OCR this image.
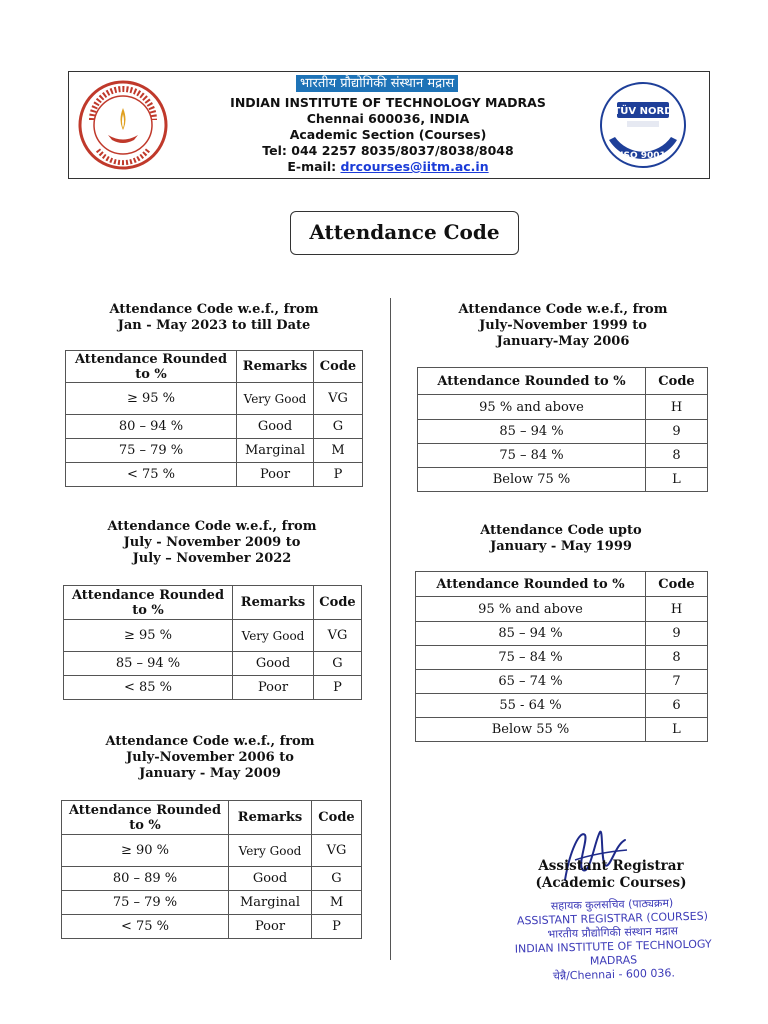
भारतीय प्रौद्योगिकी संस्थान मद्रास
INDIAN INSTITUTE OF TECHNOLOGY MADRAS
Chennai 600036, INDIA
Academic Section (Courses)
Tel: 044 2257 8035/8037/8038/8048
E-mail: drcourses@iitm.ac.in
TÜV NORD
ISO 9001
Attendance Code
Attendance Code w.e.f., from
Jan - May 2023 to till Date
Attendance Rounded to %	Remarks	Code
≥ 95 %	Very Good	VG
80 – 94 %	Good	G
75 – 79 %	Marginal	M
< 75 %	Poor	P
Attendance Code w.e.f., from
July - November 2009 to
July – November 2022
Attendance Rounded to %	Remarks	Code
≥ 95 %	Very Good	VG
85 – 94 %	Good	G
< 85 %	Poor	P
Attendance Code w.e.f., from
July-November 2006 to
January - May 2009
Attendance Rounded to %	Remarks	Code
≥ 90 %	Very Good	VG
80 – 89 %	Good	G
75 – 79 %	Marginal	M
< 75 %	Poor	P
Attendance Code w.e.f., from
July-November 1999 to
January-May 2006
Attendance Rounded to %	Code
95 % and above	H
85 – 94 %	9
75 – 84 %	8
Below 75 %	L
Attendance Code upto
January - May 1999
Attendance Rounded to %	Code
95 % and above	H
85 – 94 %	9
75 – 84 %	8
65 – 74 %	7
55 - 64 %	6
Below 55 %	L
Assistant Registrar
(Academic Courses)
सहायक कुलसचिव (पाठ्यक्रम)
ASSISTANT REGISTRAR (COURSES)
भारतीय प्रौद्योगिकी संस्थान मद्रास
INDIAN INSTITUTE OF TECHNOLOGY MADRAS
चेन्नै/Chennai - 600 036.
